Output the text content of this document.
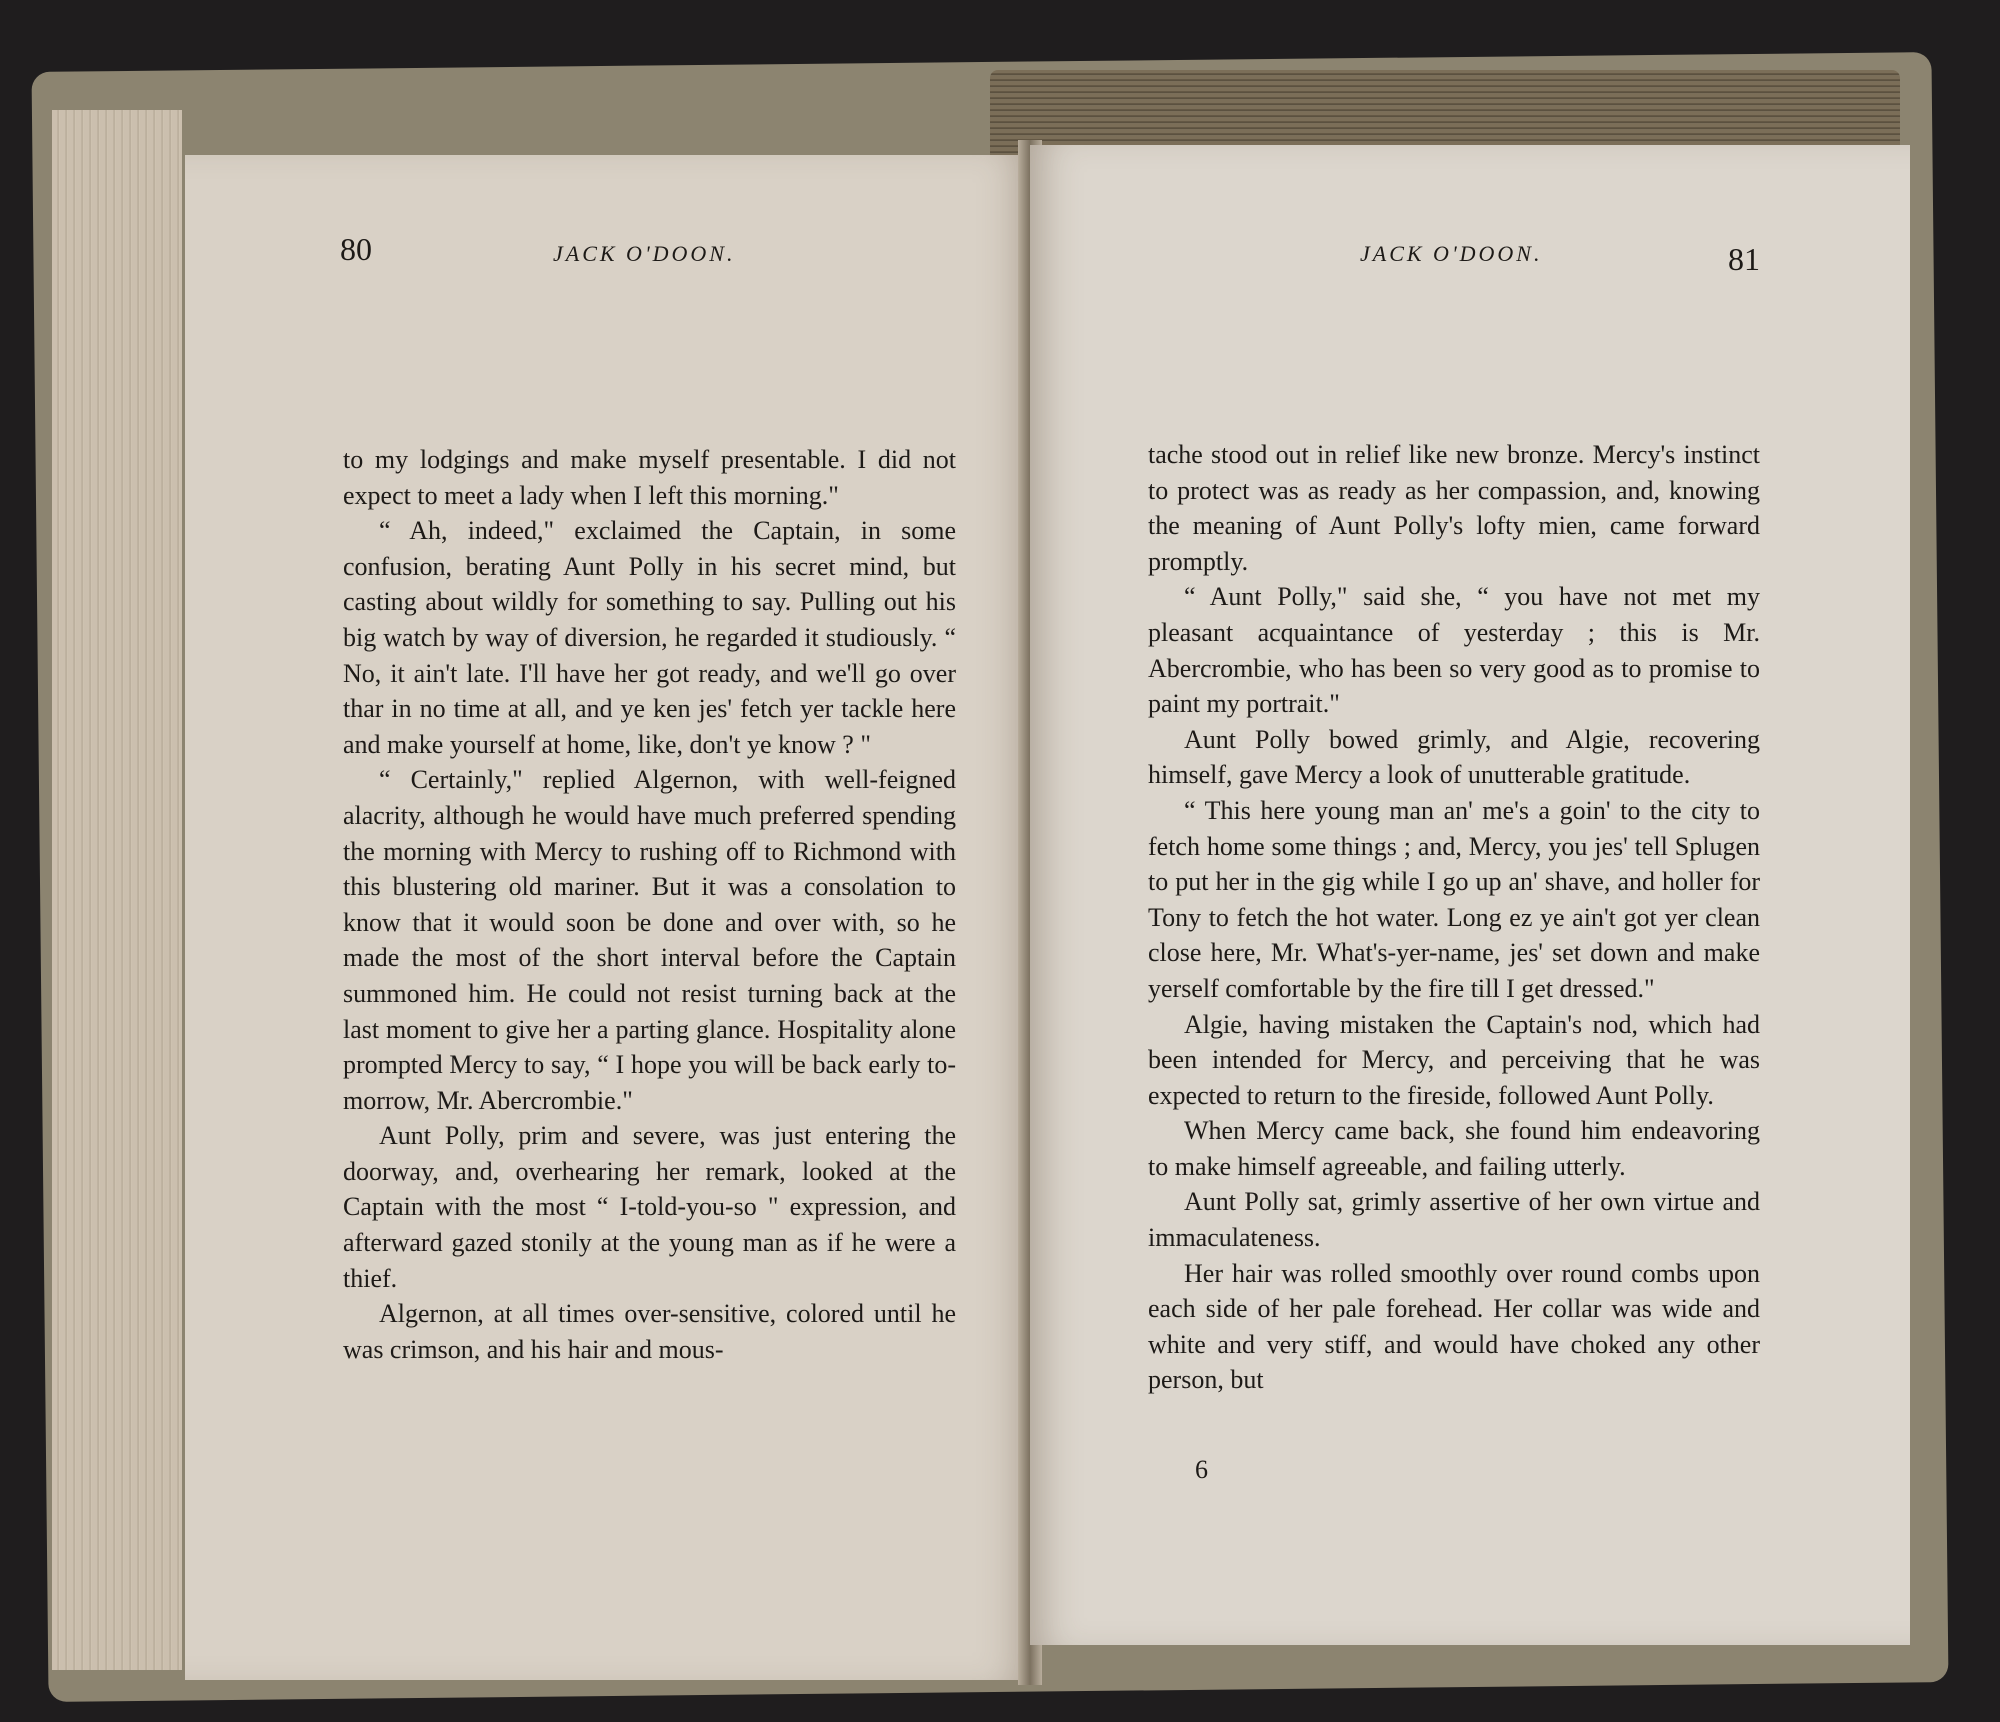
80	JACK O'DOON.

to my lodgings and make myself presentable. I did not expect to meet a lady when I left this morning."

“ Ah, indeed," exclaimed the Captain, in some confusion, berating Aunt Polly in his secret mind, but casting about wildly for something to say. Pulling out his big watch by way of diversion, he regarded it studiously. “ No, it ain't late. I'll have her got ready, and we'll go over thar in no time at all, and ye ken jes' fetch yer tackle here and make yourself at home, like, don't ye know ? "

“ Certainly," replied Algernon, with well-feigned alacrity, although he would have much preferred spending the morning with Mercy to rushing off to Richmond with this blustering old mariner. But it was a consolation to know that it would soon be done and over with, so he made the most of the short interval before the Captain summoned him. He could not resist turning back at the last moment to give her a parting glance. Hospitality alone prompted Mercy to say, “ I hope you will be back early to-morrow, Mr. Abercrombie."

Aunt Polly, prim and severe, was just entering the doorway, and, overhearing her remark, looked at the Captain with the most “ I-told-you-so " expression, and afterward gazed stonily at the young man as if he were a thief.

Algernon, at all times over-sensitive, colored until he was crimson, and his hair and mous-

JACK O'DOON.	81

tache stood out in relief like new bronze. Mercy's instinct to protect was as ready as her compassion, and, knowing the meaning of Aunt Polly's lofty mien, came forward promptly.

“ Aunt Polly," said she, “ you have not met my pleasant acquaintance of yesterday ; this is Mr. Abercrombie, who has been so very good as to promise to paint my portrait."

Aunt Polly bowed grimly, and Algie, recovering himself, gave Mercy a look of unutterable gratitude.

“ This here young man an' me's a goin' to the city to fetch home some things ; and, Mercy, you jes' tell Splugen to put her in the gig while I go up an' shave, and holler for Tony to fetch the hot water. Long ez ye ain't got yer clean close here, Mr. What's-yer-name, jes' set down and make yerself comfortable by the fire till I get dressed."

Algie, having mistaken the Captain's nod, which had been intended for Mercy, and perceiving that he was expected to return to the fireside, followed Aunt Polly.

When Mercy came back, she found him endeavoring to make himself agreeable, and failing utterly.

Aunt Polly sat, grimly assertive of her own virtue and immaculateness.

Her hair was rolled smoothly over round combs upon each side of her pale forehead. Her collar was wide and white and very stiff, and would have choked any other person, but

6
